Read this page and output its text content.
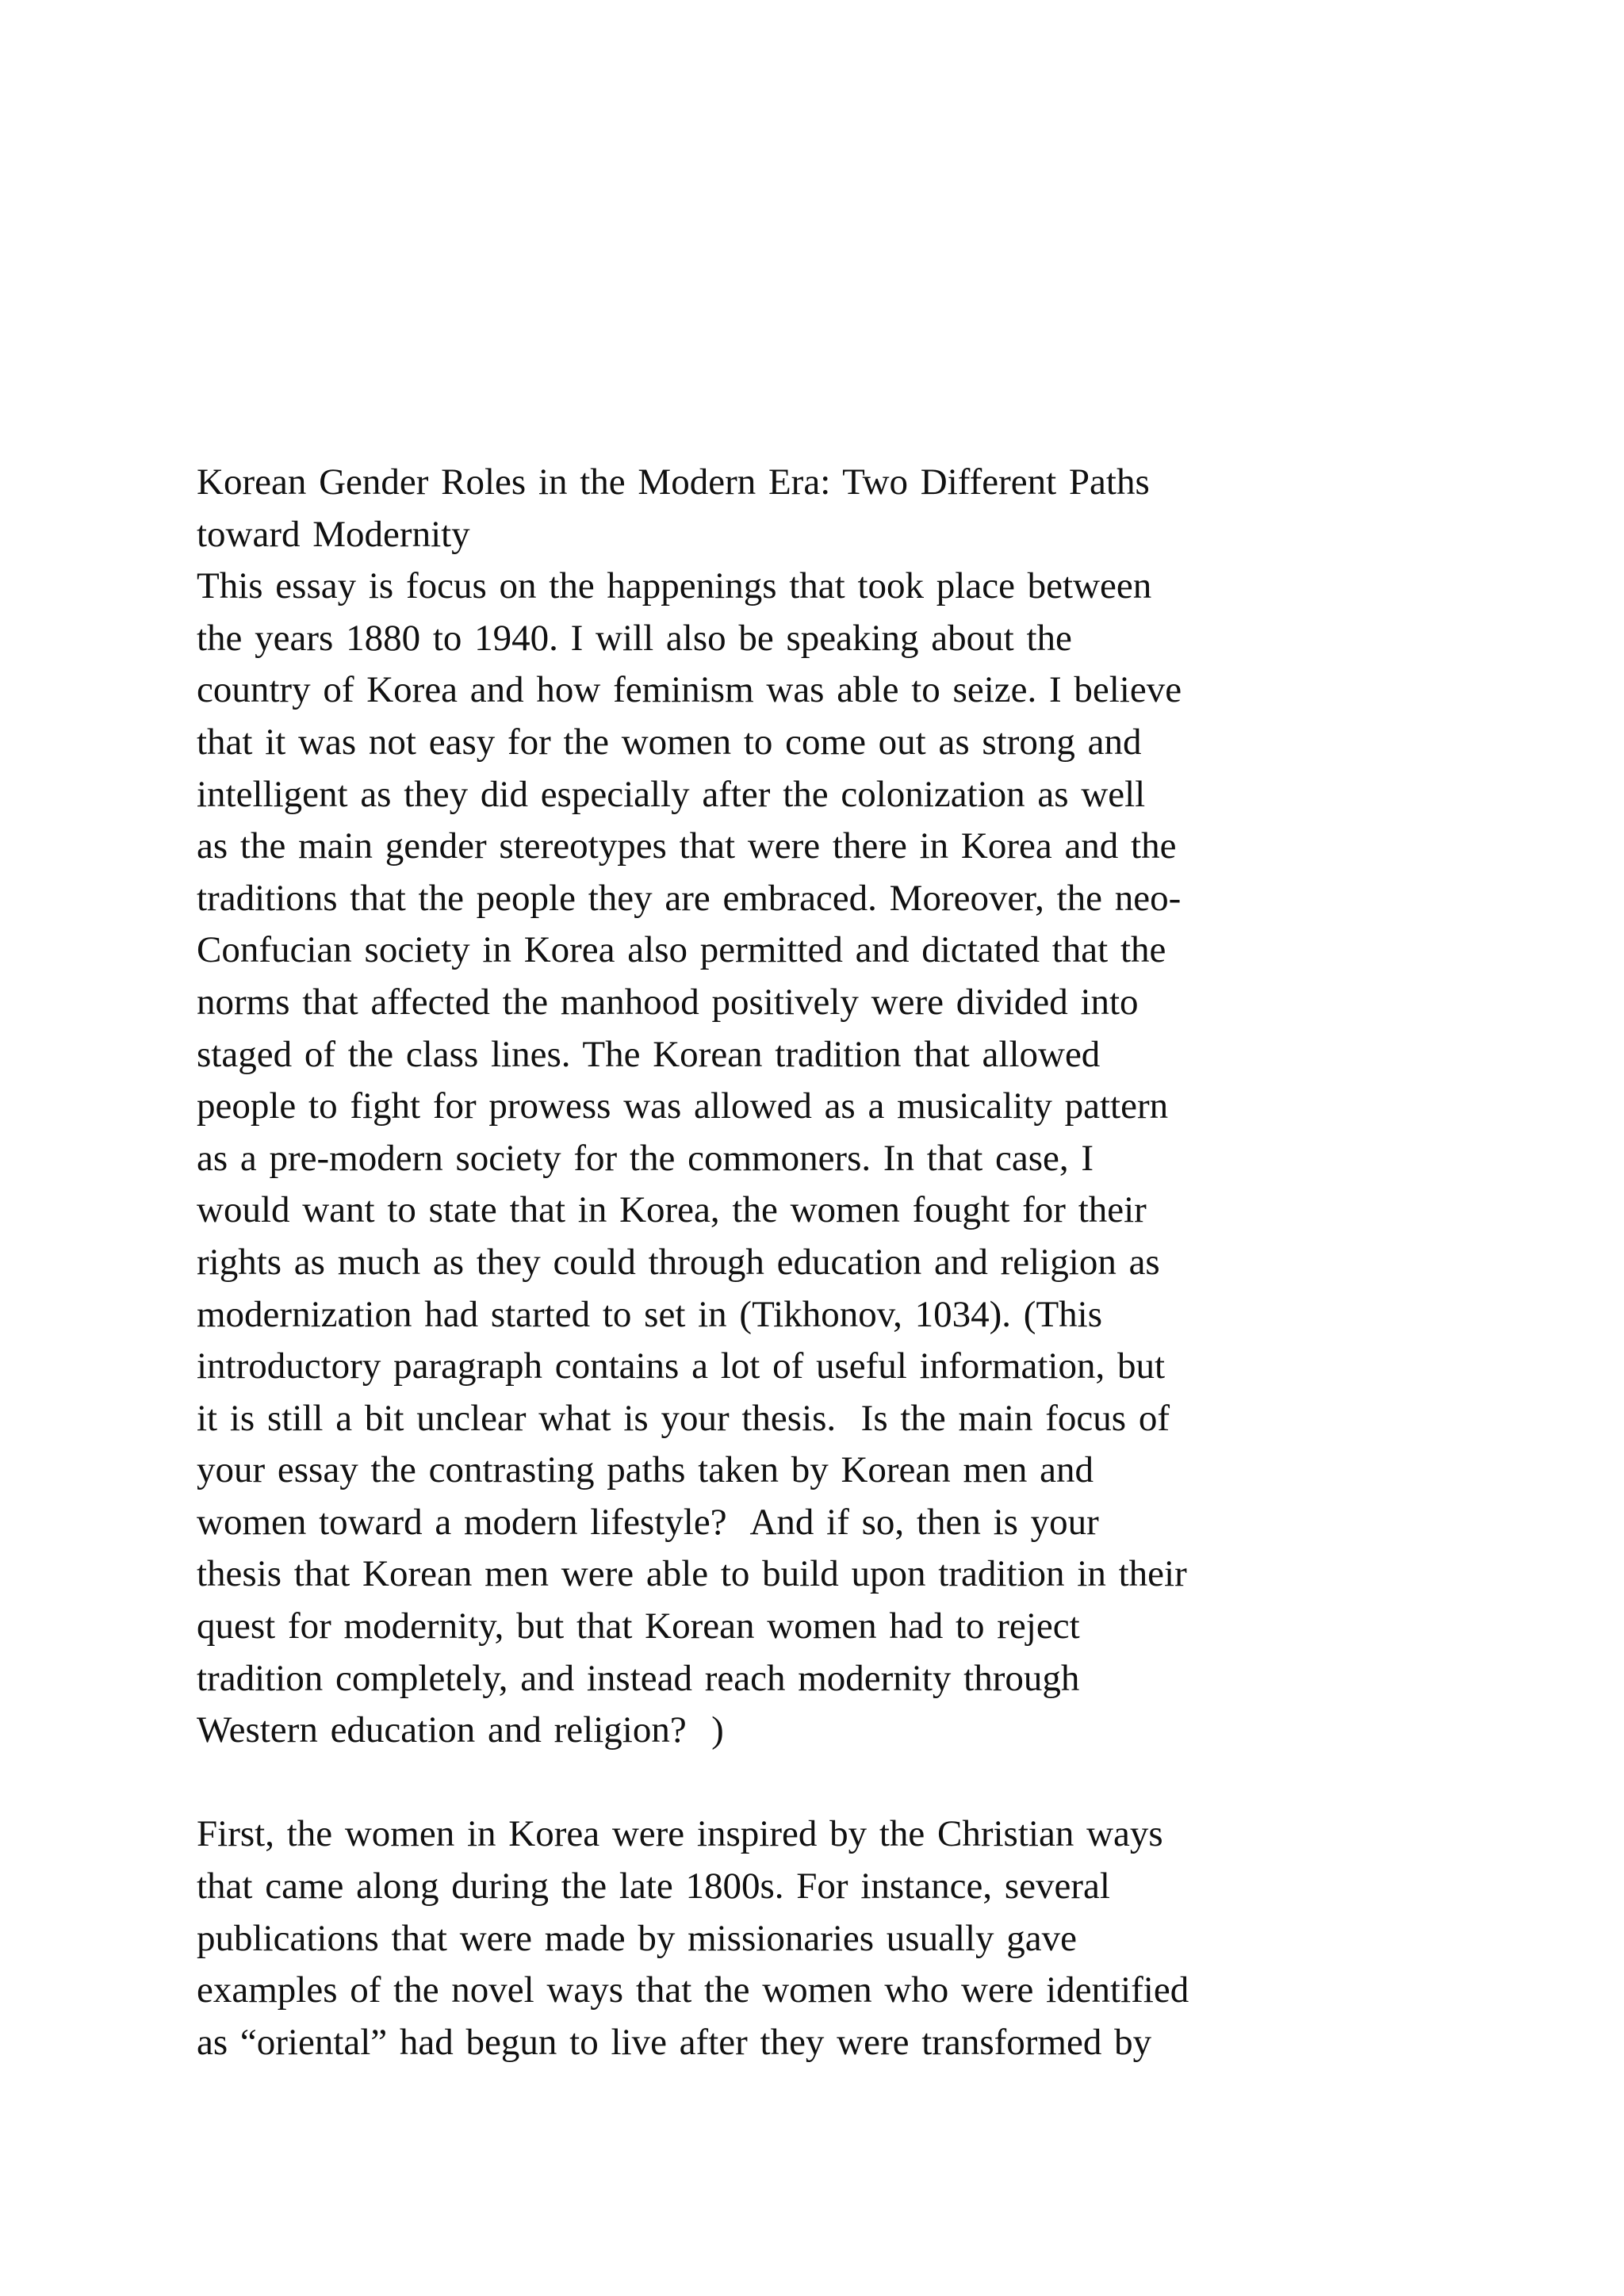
Korean Gender Roles in the Modern Era: Two Different Paths
toward Modernity
This essay is focus on the happenings that took place between
the years 1880 to 1940. I will also be speaking about the
country of Korea and how feminism was able to seize. I believe
that it was not easy for the women to come out as strong and
intelligent as they did especially after the colonization as well
as the main gender stereotypes that were there in Korea and the
traditions that the people they are embraced. Moreover, the neo-
Confucian society in Korea also permitted and dictated that the
norms that affected the manhood positively were divided into
staged of the class lines. The Korean tradition that allowed
people to fight for prowess was allowed as a musicality pattern
as a pre-modern society for the commoners. In that case, I
would want to state that in Korea, the women fought for their
rights as much as they could through education and religion as
modernization had started to set in (Tikhonov, 1034). (This
introductory paragraph contains a lot of useful information, but
it is still a bit unclear what is your thesis.  Is the main focus of
your essay the contrasting paths taken by Korean men and
women toward a modern lifestyle?  And if so, then is your
thesis that Korean men were able to build upon tradition in their
quest for modernity, but that Korean women had to reject
tradition completely, and instead reach modernity through
Western education and religion?  )
First, the women in Korea were inspired by the Christian ways
that came along during the late 1800s. For instance, several
publications that were made by missionaries usually gave
examples of the novel ways that the women who were identified
as “oriental” had begun to live after they were transformed by
